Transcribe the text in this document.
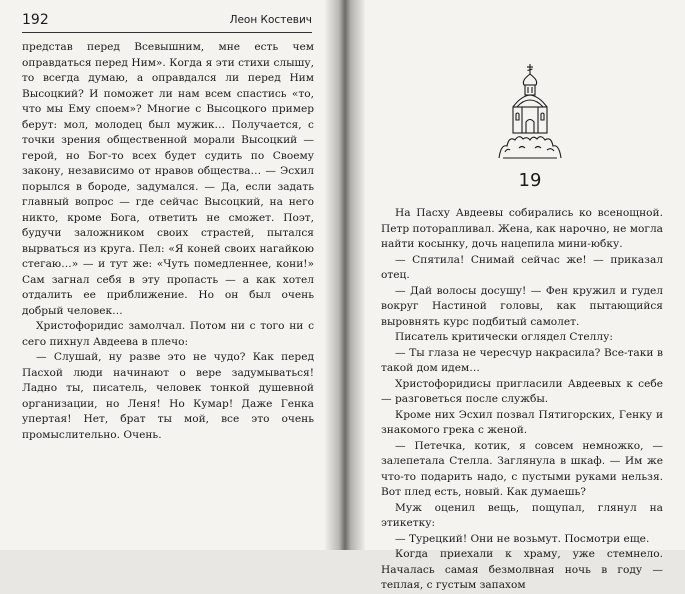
192	Леон Костевич

представ перед Всевышним, мне есть чем оправдаться перед Ним». Когда я эти стихи слышу, то всегда думаю, а оправдался ли перед Ним Высоцкий? И поможет ли нам всем спастись «то, что мы Ему споем»? Многие с Высоцкого пример берут: мол, молодец был мужик… Получается, с точки зрения общественной морали Высоцкий — герой, но Бог-то всех будет судить по Своему закону, независимо от нравов общества… — Эсхил порылся в бороде, задумался. — Да, если задать главный вопрос — где сейчас Высоцкий, на него никто, кроме Бога, ответить не сможет. Поэт, будучи заложником своих страстей, пытался вырваться из круга. Пел: «Я коней своих нагайкою стегаю…» — и тут же: «Чуть помедленнее, кони!» Сам загнал себя в эту пропасть — а как хотел отдалить ее приближение. Но он был очень добрый человек…

Христофоридис замолчал. Потом ни с того ни с сего пихнул Авдеева в плечо:

— Слушай, ну разве это не чудо? Как перед Пасхой люди начинают о вере задумываться! Ладно ты, писатель, человек тонкой душевной организации, но Леня! Но Кумар! Даже Генка упертая! Нет, брат ты мой, все это очень промыслительно. Очень.

19

На Пасху Авдеевы собирались ко всенощной. Петр поторапливал. Жена, как нарочно, не могла найти косынку, дочь нацепила мини-юбку.

— Спятила! Снимай сейчас же! — приказал отец.

— Дай волосы досушу! — Фен кружил и гудел вокруг Настиной головы, как пытающийся выровнять курс подбитый самолет.

Писатель критически оглядел Стеллу:

— Ты глаза не чересчур накрасила? Все-таки в такой дом идем…

Христофоридисы пригласили Авдеевых к себе — разговеться после службы.

Кроме них Эсхил позвал Пятигорских, Генку и знакомого грека с женой.

— Петечка, котик, я совсем немножко, — залепетала Стелла. Заглянула в шкаф. — Им же что-то подарить надо, с пустыми руками нельзя. Вот плед есть, новый. Как думаешь?

Муж оценил вещь, пощупал, глянул на этикетку:

— Турецкий! Они не возьмут. Посмотри еще.

Когда приехали к храму, уже стемнело. Началась самая безмолвная ночь в году — теплая, с густым запахом
